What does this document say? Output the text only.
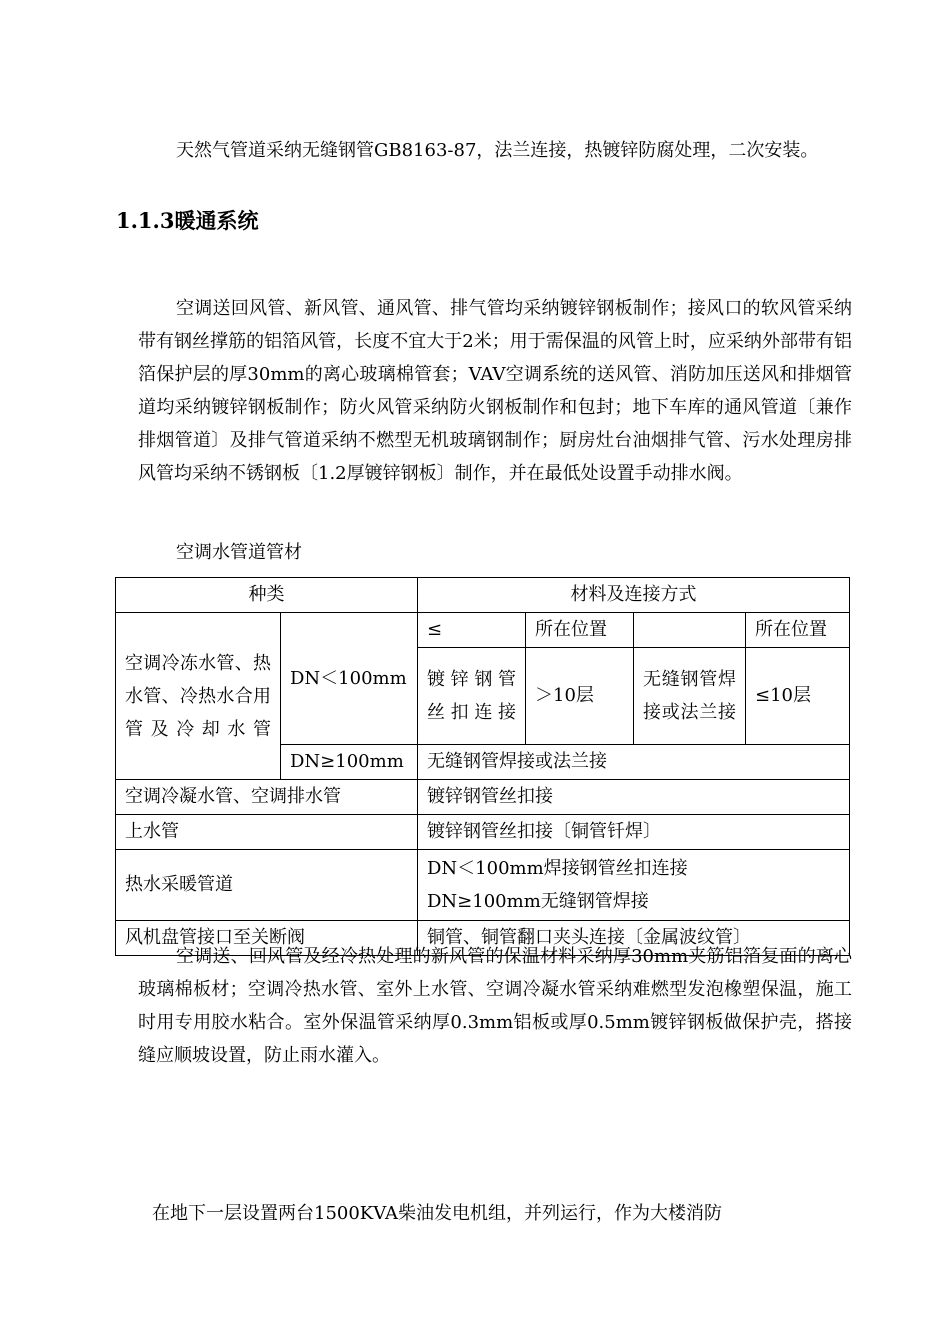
天然气管道采纳无缝钢管GB8163-87，法兰连接，热镀锌防腐处理，二次安装。

1.1.3暖通系统

空调送回风管、新风管、通风管、排气管均采纳镀锌钢板制作；接风口的软风管采纳带有钢丝撑筋的铝箔风管，长度不宜大于2米；用于需保温的风管上时，应采纳外部带有铝箔保护层的厚30mm的离心玻璃棉管套；VAV空调系统的送风管、消防加压送风和排烟管道均采纳镀锌钢板制作；防火风管采纳防火钢板制作和包封；地下车库的通风管道〔兼作排烟管道〕及排气管道采纳不燃型无机玻璃钢制作；厨房灶台油烟排气管、污水处理房排风管均采纳不锈钢板〔1.2厚镀锌钢板〕制作，并在最低处设置手动排水阀。

空调水管道管材

种类		材料及连接方式			
空调冷冻水管、热水管、冷热水合用管及冷却水管	DN＜100mm	≤	所在位置		所在位置
		镀锌钢管丝扣连接	＞10层	无缝钢管焊接或法兰接	≤10层
	DN≥100mm	无缝钢管焊接或法兰接			
空调冷凝水管、空调排水管		镀锌钢管丝扣接			
上水管		镀锌钢管丝扣接〔铜管钎焊〕			
热水采暖管道		DN＜100mm焊接钢管丝扣连接
DN≥100mm无缝钢管焊接			

风机盘管接口至关断阀		铜管、铜管翻口夹头连接〔金属波纹管〕			

空调送、回风管及经冷热处理的新风管的保温材料采纳厚30mm夹筋铝箔复面的离心玻璃棉板材；空调冷热水管、室外上水管、空调冷凝水管采纳难燃型发泡橡塑保温，施工时用专用胶水粘合。室外保温管采纳厚0.3mm铝板或厚0.5mm镀锌钢板做保护壳，搭接缝应顺坡设置，防止雨水灌入。

在地下一层设置两台1500KVA柴油发电机组，并列运行，作为大楼消防
